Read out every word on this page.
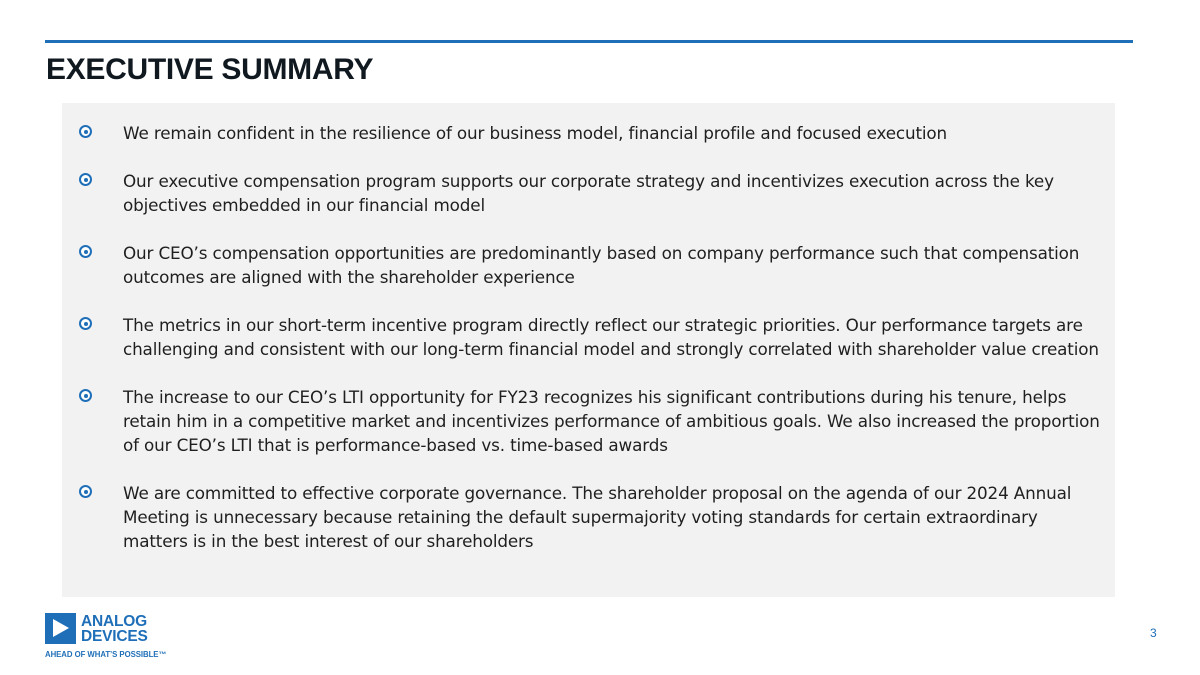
EXECUTIVE SUMMARY
We remain confident in the resilience of our business model, financial profile and focused execution
Our executive compensation program supports our corporate strategy and incentivizes execution across the key objectives embedded in our financial model
Our CEO’s compensation opportunities are predominantly based on company performance such that compensation outcomes are aligned with the shareholder experience
The metrics in our short-term incentive program directly reflect our strategic priorities. Our performance targets are challenging and consistent with our long-term financial model and strongly correlated with shareholder value creation
The increase to our CEO’s LTI opportunity for FY23 recognizes his significant contributions during his tenure, helps retain him in a competitive market and incentivizes performance of ambitious goals. We also increased the proportion of our CEO’s LTI that is performance-based vs. time-based awards
We are committed to effective corporate governance. The shareholder proposal on the agenda of our 2024 Annual Meeting is unnecessary because retaining the default supermajority voting standards for certain extraordinary matters is in the best interest of our shareholders
ANALOG
DEVICES
AHEAD OF WHAT’S POSSIBLE™
3
